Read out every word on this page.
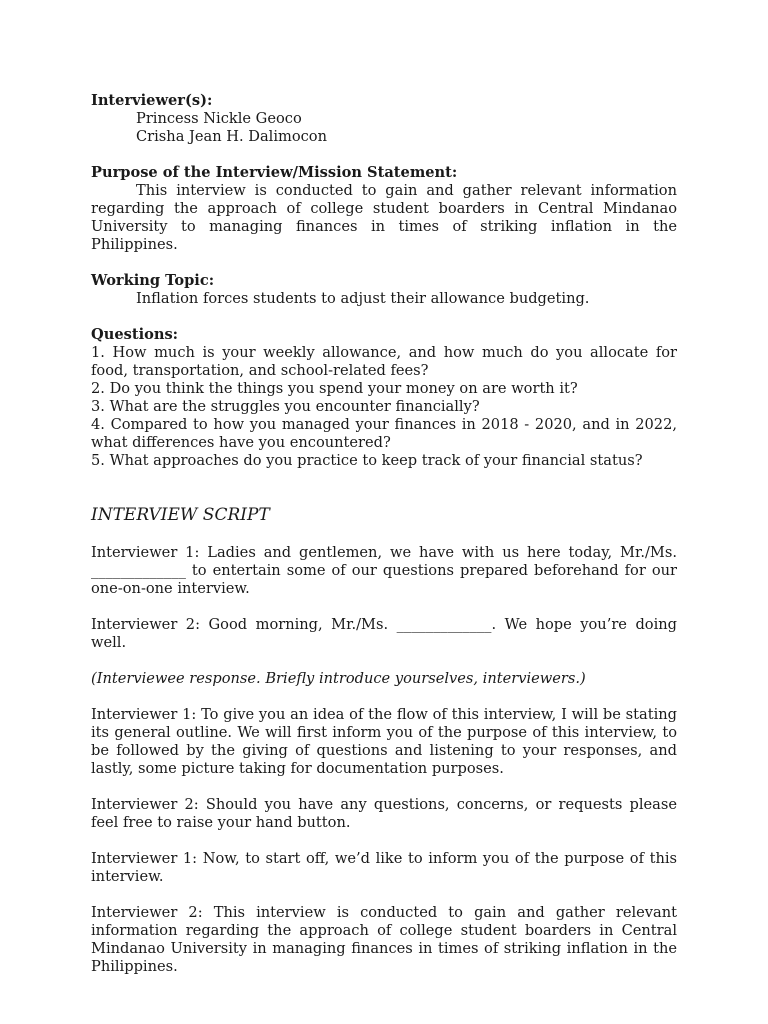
Interviewer(s):

Princess Nickle Geoco

Crisha Jean H. Dalimocon

Purpose of the Interview/Mission Statement:

This interview is conducted to gain and gather relevant information regarding the approach of college student boarders in Central Mindanao University to managing finances in times of striking inflation in the Philippines.

Working Topic:

Inflation forces students to adjust their allowance budgeting.

Questions:

1. How much is your weekly allowance, and how much do you allocate for food, transportation, and school-related fees?

2. Do you think the things you spend your money on are worth it?

3. What are the struggles you encounter financially?

4. Compared to how you managed your finances in 2018 - 2020, and in 2022, what differences have you encountered?

5. What approaches do you practice to keep track of your financial status?

INTERVIEW SCRIPT

Interviewer 1: Ladies and gentlemen, we have with us here today, Mr./Ms. _____________ to entertain some of our questions prepared beforehand for our one-on-one interview.

Interviewer 2: Good morning, Mr./Ms. _____________. We hope you’re doing well.

(Interviewee response. Briefly introduce yourselves, interviewers.)

Interviewer 1: To give you an idea of the flow of this interview, I will be stating its general outline. We will first inform you of the purpose of this interview, to be followed by the giving of questions and listening to your responses, and lastly, some picture taking for documentation purposes.

Interviewer 2: Should you have any questions, concerns, or requests please feel free to raise your hand button.

Interviewer 1: Now, to start off, we’d like to inform you of the purpose of this interview.

Interviewer 2: This interview is conducted to gain and gather relevant information regarding the approach of college student boarders in Central Mindanao University in managing finances in times of striking inflation in the Philippines.
